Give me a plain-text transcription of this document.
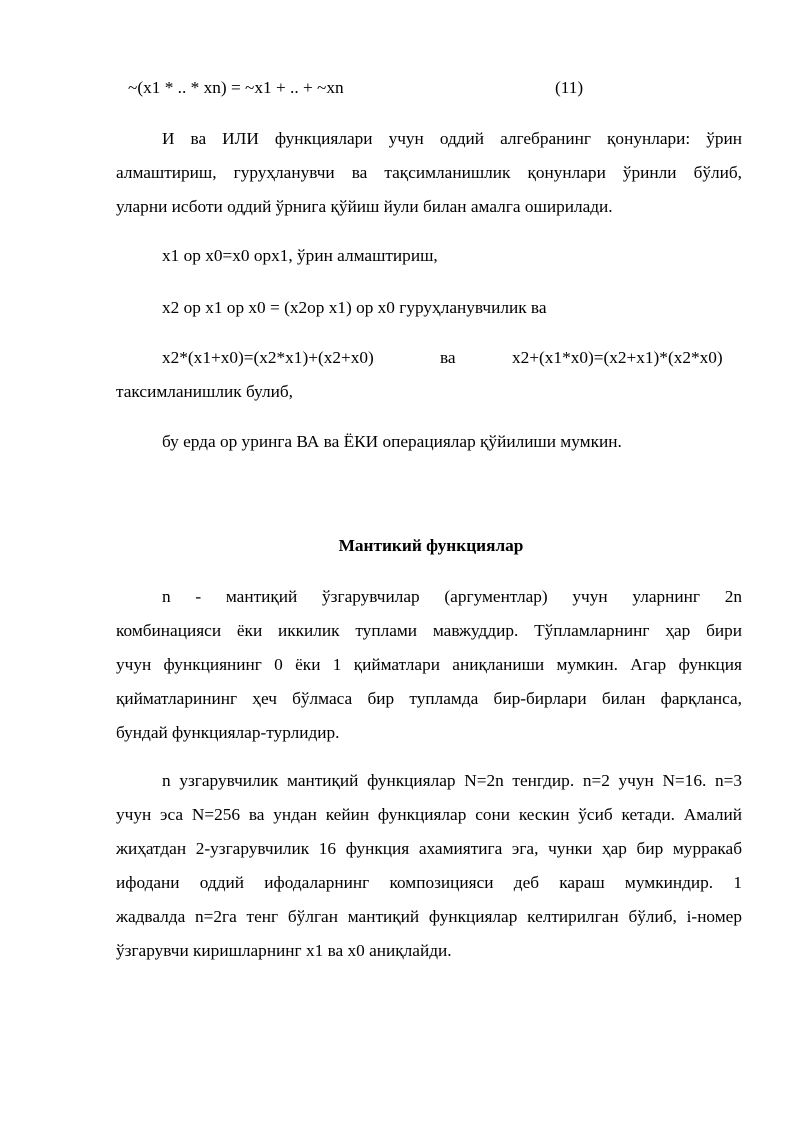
~(x1 * .. * xn) = ~x1 + .. + ~xn	(11)
И ва ИЛИ функциялари учун оддий алгебранинг қонунлари: ўрин
алмаштириш, гуруҳланувчи ва тақсимланишлик қонунлари ўринли бўлиб,
уларни исботи оддий ўрнига қўйиш йули билан амалга оширилади.
x1 ор x0=x0 орx1, ўрин алмаштириш,
x2 ор x1 ор x0 = (x2ор x1) ор x0 гуруҳланувчилик ва
x2*(x1+x0)=(x2*x1)+(x2+x0)	ва	x2+(x1*x0)=(x2+x1)*(x2*x0)
таксимланишлик булиб,
бу ерда ор уринга ВА ва ЁКИ операциялар қўйилиши мумкин.
Мантикий функциялар
n - мантиқий ўзгарувчилар (аргументлар) учун уларнинг 2n
комбинацияси ёки иккилик туплами мавжуддир. Тўпламларнинг ҳар бири
учун функциянинг 0 ёки 1 қийматлари аниқланиши мумкин. Агар функция
қийматларининг ҳеч бўлмаса бир тупламда бир-бирлари билан фарқланса,
бундай функциялар-турлидир.
n узгарувчилик мантиқий функциялар N=2n тенгдир. n=2 учун N=16. n=3
учун эса N=256 ва ундан кейин функциялар сони кескин ўсиб кетади. Амалий
жиҳатдан 2-узгарувчилик 16 функция ахамиятига эга, чунки ҳар бир мурракаб
ифодани оддий ифодаларнинг композицияси деб караш мумкиндир. 1
жадвалда n=2га тенг бўлган мантиқий функциялар келтирилган бўлиб, i-номер
ўзгарувчи киришларнинг x1 ва x0 аниқлайди.
